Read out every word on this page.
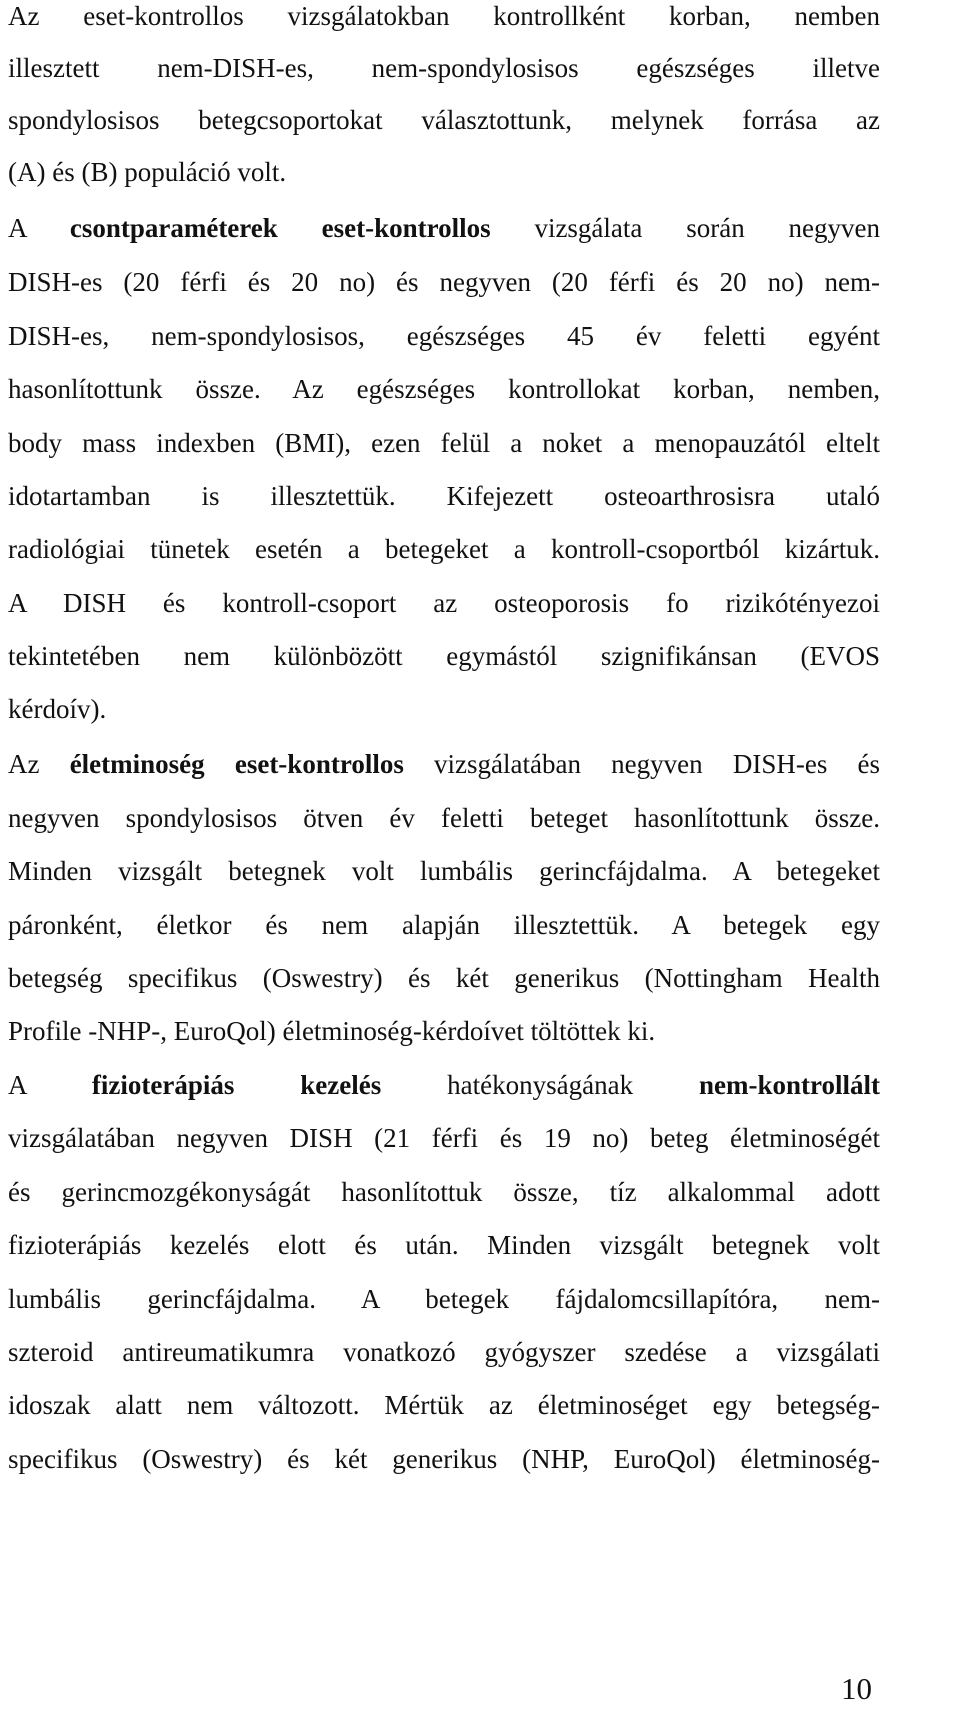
Az eset-kontrollos vizsgálatokban kontrollként korban, nemben
illesztett nem-DISH-es, nem-spondylosisos egészséges illetve
spondylosisos betegcsoportokat választottunk, melynek forrása az
(A) és (B) populáció volt.
A csontparaméterek eset-kontrollos vizsgálata során negyven
DISH-es (20 férfi és 20 no) és negyven (20 férfi és 20 no) nem-
DISH-es, nem-spondylosisos, egészséges 45 év feletti egyént
hasonlítottunk össze. Az egészséges kontrollokat korban, nemben,
body mass indexben (BMI), ezen felül a noket a menopauzától eltelt
idotartamban is illesztettük. Kifejezett osteoarthrosisra utaló
radiológiai tünetek esetén a betegeket a kontroll-csoportból kizártuk.
A DISH és kontroll-csoport az osteoporosis fo rizikótényezoi
tekintetében nem különbözött egymástól szignifikánsan (EVOS
kérdoív).
Az életminoség eset-kontrollos vizsgálatában negyven DISH-es és
negyven spondylosisos ötven év feletti beteget hasonlítottunk össze.
Minden vizsgált betegnek volt lumbális gerincfájdalma. A betegeket
páronként, életkor és nem alapján illesztettük. A betegek egy
betegség specifikus (Oswestry) és két generikus (Nottingham Health
Profile -NHP-, EuroQol) életminoség-kérdoívet töltöttek ki.
A fizioterápiás kezelés hatékonyságának nem-kontrollált
vizsgálatában negyven DISH (21 férfi és 19 no) beteg életminoségét
és gerincmozgékonyságát hasonlítottuk össze, tíz alkalommal adott
fizioterápiás kezelés elott és után. Minden vizsgált betegnek volt
lumbális gerincfájdalma. A betegek fájdalomcsillapítóra, nem-
szteroid antireumatikumra vonatkozó gyógyszer szedése a vizsgálati
idoszak alatt nem változott. Mértük az életminoséget egy betegség-
specifikus (Oswestry) és két generikus (NHP, EuroQol) életminoség-
10
